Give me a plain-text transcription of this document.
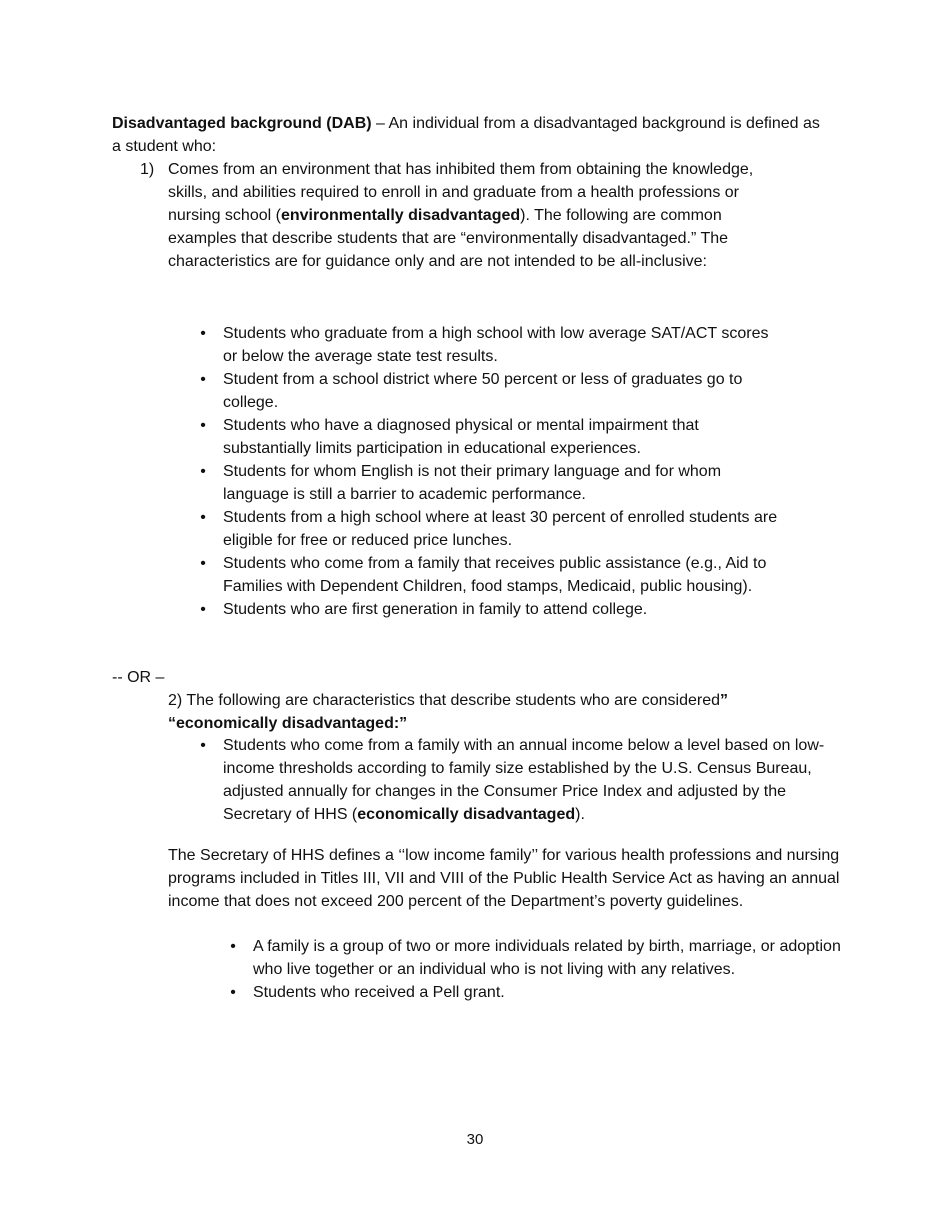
Disadvantaged background (DAB) – An individual from a disadvantaged background is defined as a student who:

1) Comes from an environment that has inhibited them from obtaining the knowledge, skills, and abilities required to enroll in and graduate from a health professions or nursing school (environmentally disadvantaged). The following are common examples that describe students that are “environmentally disadvantaged.” The characteristics are for guidance only and are not intended to be all-inclusive:
• Students who graduate from a high school with low average SAT/ACT scores or below the average state test results.
• Student from a school district where 50 percent or less of graduates go to college.
• Students who have a diagnosed physical or mental impairment that substantially limits participation in educational experiences.
• Students for whom English is not their primary language and for whom language is still a barrier to academic performance.
• Students from a high school where at least 30 percent of enrolled students are eligible for free or reduced price lunches.
• Students who come from a family that receives public assistance (e.g., Aid to Families with Dependent Children, food stamps, Medicaid, public housing).
• Students who are first generation in family to attend college.

-- OR –

2) The following are characteristics that describe students who are considered”
“economically disadvantaged:”
• Students who come from a family with an annual income below a level based on low-income thresholds according to family size established by the U.S. Census Bureau, adjusted annually for changes in the Consumer Price Index and adjusted by the Secretary of HHS (economically disadvantaged).

The Secretary of HHS defines a ‘‘low income family’’ for various health professions and nursing programs included in Titles III, VII and VIII of the Public Health Service Act as having an annual income that does not exceed 200 percent of the Department’s poverty guidelines.

• A family is a group of two or more individuals related by birth, marriage, or adoption who live together or an individual who is not living with any relatives.
• Students who received a Pell grant.
30
